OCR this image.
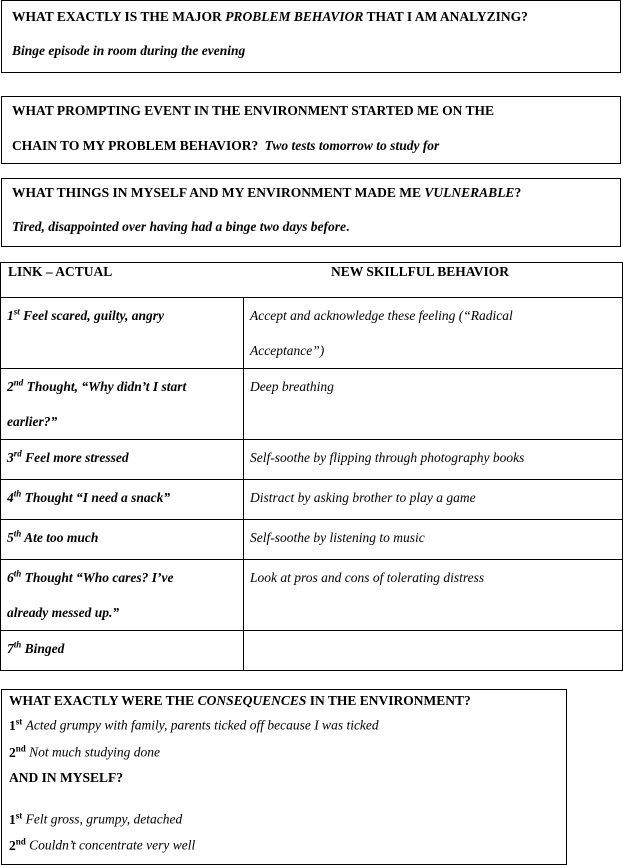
WHAT EXACTLY IS THE MAJOR PROBLEM BEHAVIOR THAT I AM ANALYZING?
Binge episode in room during the evening
WHAT PROMPTING EVENT IN THE ENVIRONMENT STARTED ME ON THE
CHAIN TO MY PROBLEM BEHAVIOR? Two tests tomorrow to study for
WHAT THINGS IN MYSELF AND MY ENVIRONMENT MADE ME VULNERABLE?
Tired, disappointed over having had a binge two days before.
LINK – ACTUAL NEW SKILLFUL BEHAVIOR	

1st Feel scared, guilty, angry	Accept and acknowledge these feeling (“Radical
Acceptance”)

2nd Thought, “Why didn’t I start
earlier?”	Deep breathing

3rd Feel more stressed	Self-soothe by flipping through photography books

4th Thought “I need a snack”	Distract by asking brother to play a game

5th Ate too much	Self-soothe by listening to music

6th Thought “Who cares? I’ve
already messed up.”	Look at pros and cons of tolerating distress

7th Binged	

WHAT EXACTLY WERE THE CONSEQUENCES IN THE ENVIRONMENT?
1st Acted grumpy with family, parents ticked off because I was ticked
2nd Not much studying done
AND IN MYSELF?
1st Felt gross, grumpy, detached
2nd Couldn’t concentrate very well
